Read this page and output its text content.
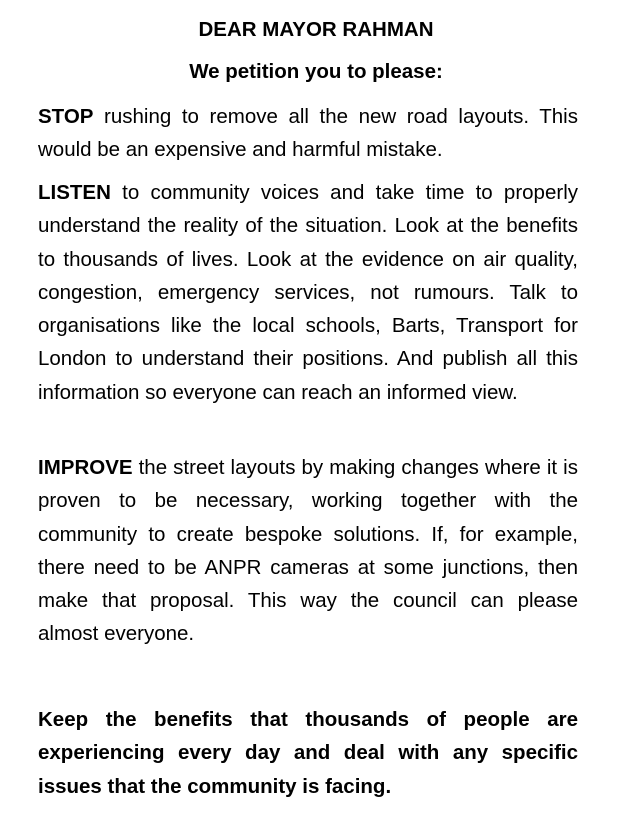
DEAR MAYOR RAHMAN
We petition you to please:

STOP rushing to remove all the new road layouts. This would be an expensive and harmful mistake.

LISTEN to community voices and take time to properly understand the reality of the situation. Look at the benefits to thousands of lives. Look at the evidence on air quality, congestion, emergency services, not rumours. Talk to organisations like the local schools, Barts, Transport for London to understand their positions. And publish all this information so everyone can reach an informed view.

IMPROVE the street layouts by making changes where it is proven to be necessary, working together with the community to create bespoke solutions. If, for example, there need to be ANPR cameras at some junctions, then make that proposal. This way the council can please almost everyone.

Keep the benefits that thousands of people are experiencing every day and deal with any specific issues that the community is facing.
